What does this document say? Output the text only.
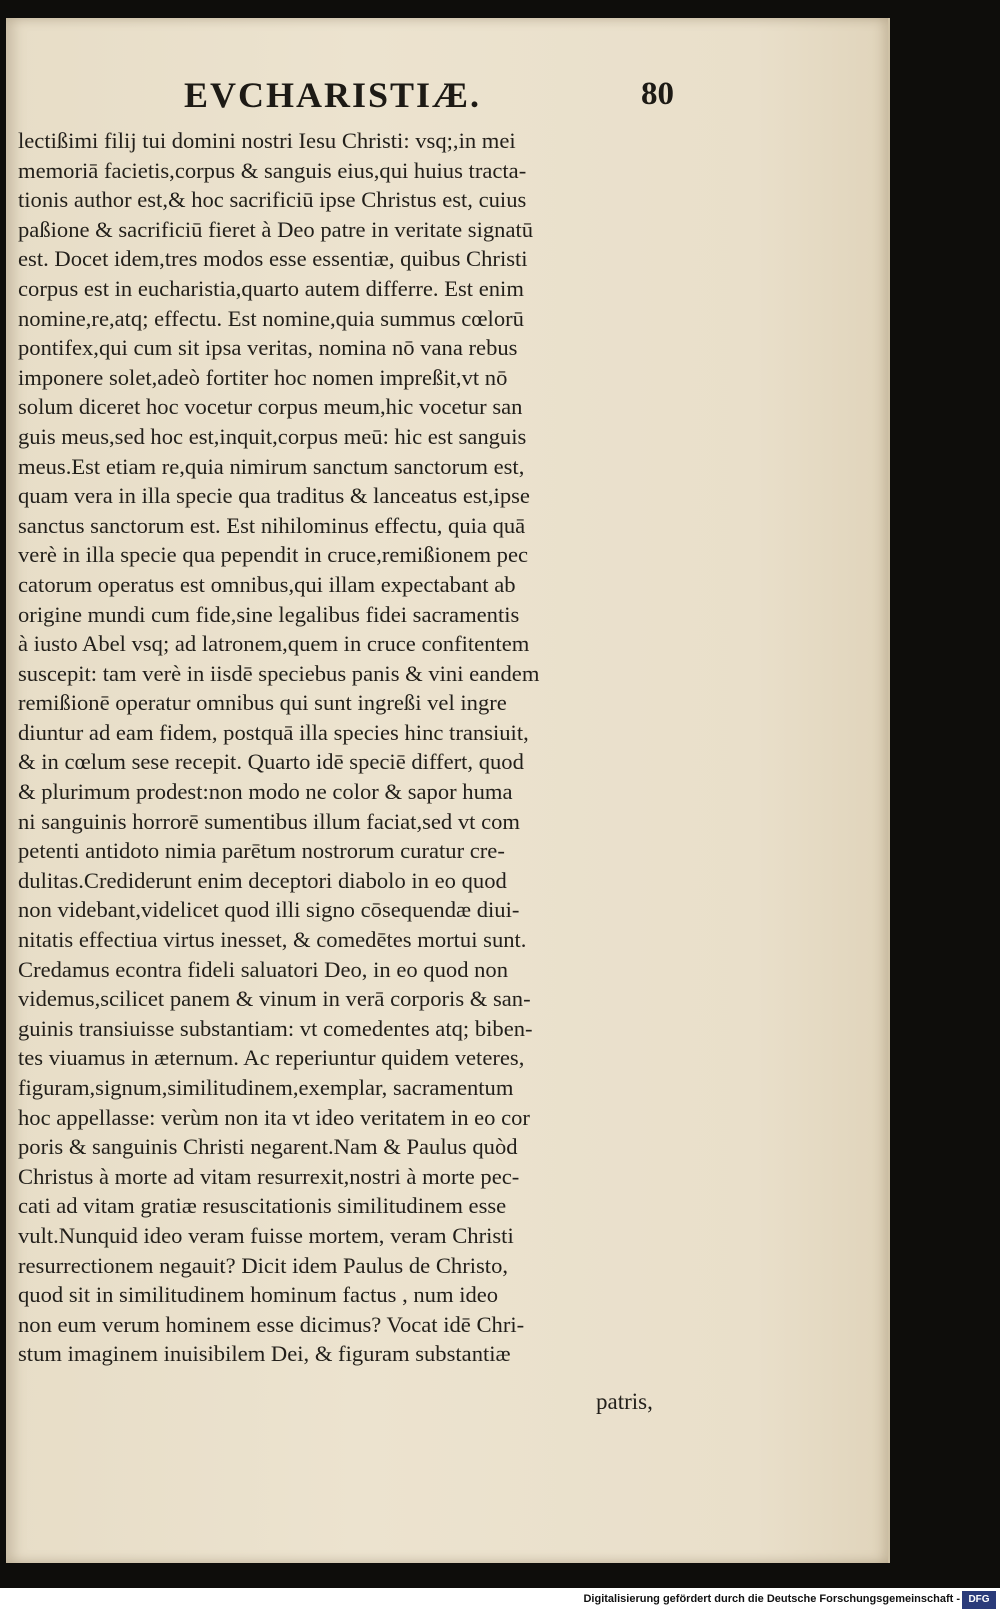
EVCHARISTIÆ.	80
lectißimi filij tui domini nostri Iesu Christi: vsq;,in mei
memoriā facietis,corpus & sanguis eius,qui huius tracta-
tionis author est,& hoc sacrificiū ipse Christus est, cuius
paßione & sacrificiū fieret à Deo patre in veritate signatū
est. Docet idem,tres modos esse essentiæ, quibus Christi
corpus est in eucharistia,quarto autem differre. Est enim
nomine,re,atq; effectu. Est nomine,quia summus cœlorū
pontifex,qui cum sit ipsa veritas, nomina nō vana rebus
imponere solet,adeò fortiter hoc nomen impreßit,vt nō
solum diceret hoc vocetur corpus meum,hic vocetur san
guis meus,sed hoc est,inquit,corpus meū: hic est sanguis
meus.Est etiam re,quia nimirum sanctum sanctorum est,
quam vera in illa specie qua traditus & lanceatus est,ipse
sanctus sanctorum est. Est nihilominus effectu, quia quā
verè in illa specie qua pependit in cruce,remißionem pec
catorum operatus est omnibus,qui illam expectabant ab
origine mundi cum fide,sine legalibus fidei sacramentis
à iusto Abel vsq; ad latronem,quem in cruce confitentem
suscepit: tam verè in iisdē speciebus panis & vini eandem
remißionē operatur omnibus qui sunt ingreßi vel ingre
diuntur ad eam fidem, postquā illa species hinc transiuit,
& in cœlum sese recepit. Quarto idē speciē differt, quod
& plurimum prodest:non modo ne color & sapor huma
ni sanguinis horrorē sumentibus illum faciat,sed vt com
petenti antidoto nimia parētum nostrorum curatur cre-
dulitas.Crediderunt enim deceptori diabolo in eo quod
non videbant,videlicet quod illi signo cōsequendæ diui-
nitatis effectiua virtus inesset, & comedētes mortui sunt.
Credamus econtra fideli saluatori Deo, in eo quod non
videmus,scilicet panem & vinum in verā corporis & san-
guinis transiuisse substantiam: vt comedentes atq; biben-
tes viuamus in æternum. Ac reperiuntur quidem veteres,
figuram,signum,similitudinem,exemplar, sacramentum
hoc appellasse: verùm non ita vt ideo veritatem in eo cor
poris & sanguinis Christi negarent.Nam & Paulus quòd
Christus à morte ad vitam resurrexit,nostri à morte pec-
cati ad vitam gratiæ resuscitationis similitudinem esse
vult.Nunquid ideo veram fuisse mortem, veram Christi
resurrectionem negauit? Dicit idem Paulus de Christo,
quod sit in similitudinem hominum factus , num ideo
non eum verum hominem esse dicimus? Vocat idē Chri-
stum imaginem inuisibilem Dei, & figuram substantiæ
patris,
Digitalisierung gefördert durch die Deutsche Forschungsgemeinschaft - DFG
